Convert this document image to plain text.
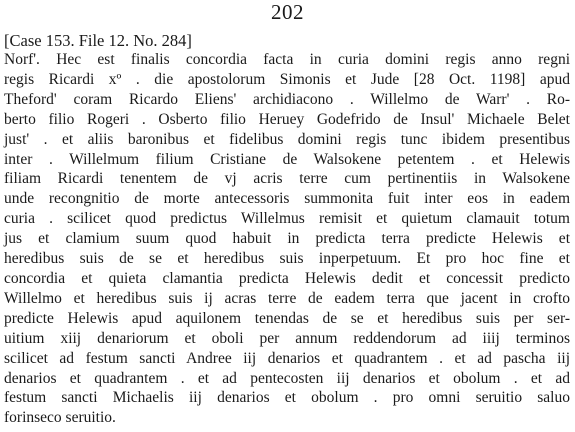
202
[Case 153. File 12. No. 284]
Norf'. Hec est finalis concordia facta in curia domini regis anno regni
regis Ricardi xº . die apostolorum Simonis et Jude [28 Oct. 1198] apud
Theford' coram Ricardo Eliens' archidiacono . Willelmo de Warr' . Ro-
berto filio Rogeri . Osberto filio Heruey Godefrido de Insul' Michaele Belet
just' . et aliis baronibus et fidelibus domini regis tunc ibidem presentibus
inter . Willelmum filium Cristiane de Walsokene petentem . et Helewis
filiam Ricardi tenentem de vj acris terre cum pertinentiis in Walsokene
unde recongnitio de morte antecessoris summonita fuit inter eos in eadem
curia . scilicet quod predictus Willelmus remisit et quietum clamauit totum
jus et clamium suum quod habuit in predicta terra predicte Helewis et
heredibus suis de se et heredibus suis inperpetuum. Et pro hoc fine et
concordia et quieta clamantia predicta Helewis dedit et concessit predicto
Willelmo et heredibus suis ij acras terre de eadem terra que jacent in crofto
predicte Helewis apud aquilonem tenendas de se et heredibus suis per ser-
uitium xiij denariorum et oboli per annum reddendorum ad iiij terminos
scilicet ad festum sancti Andree iij denarios et quadrantem . et ad pascha iij
denarios et quadrantem . et ad pentecosten iij denarios et obolum . et ad
festum sancti Michaelis iij denarios et obolum . pro omni seruitio saluo
forinseco seruitio.
